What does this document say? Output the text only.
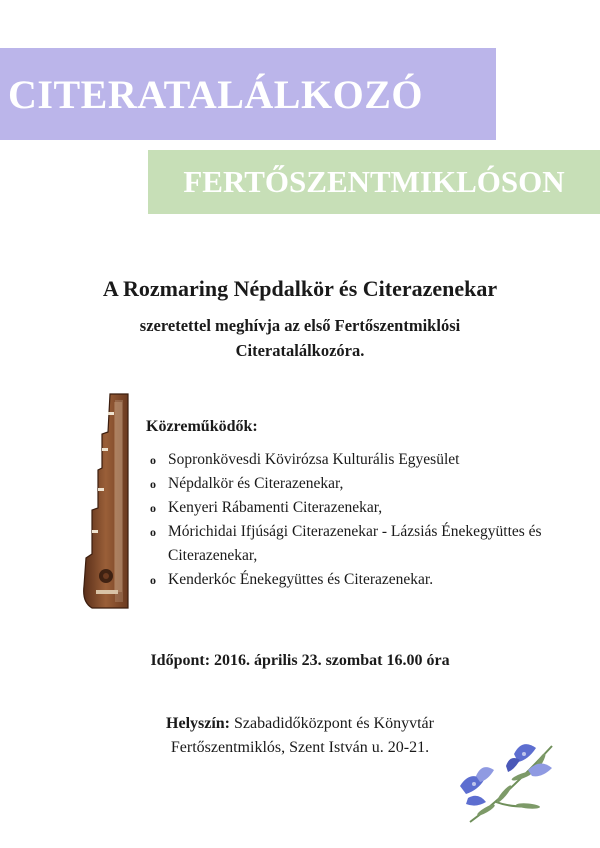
CITERATALÁLKOZÓ
FERTŐSZENTMIKLÓSON
A Rozmaring Népdalkör és Citerazenekar

szeretettel meghívja az első Fertőszentmiklósi
Citeratalálkozóra.

Közreműködők:
o Sopronkövesdi Kövirózsa Kulturális Egyesület
o Népdalkör és Citerazenekar,
o Kenyeri Rábamenti Citerazenekar,
o Mórichidai Ifjúsági Citerazenekar - Lázsiás Énekegyüttes és Citerazenekar,
o Kenderkóc Énekegyüttes és Citerazenekar.
Időpont: 2016. április 23. szombat 16.00 óra
Helyszín: Szabadidőközpont és Könyvtár
Fertőszentmiklós, Szent István u. 20-21.
